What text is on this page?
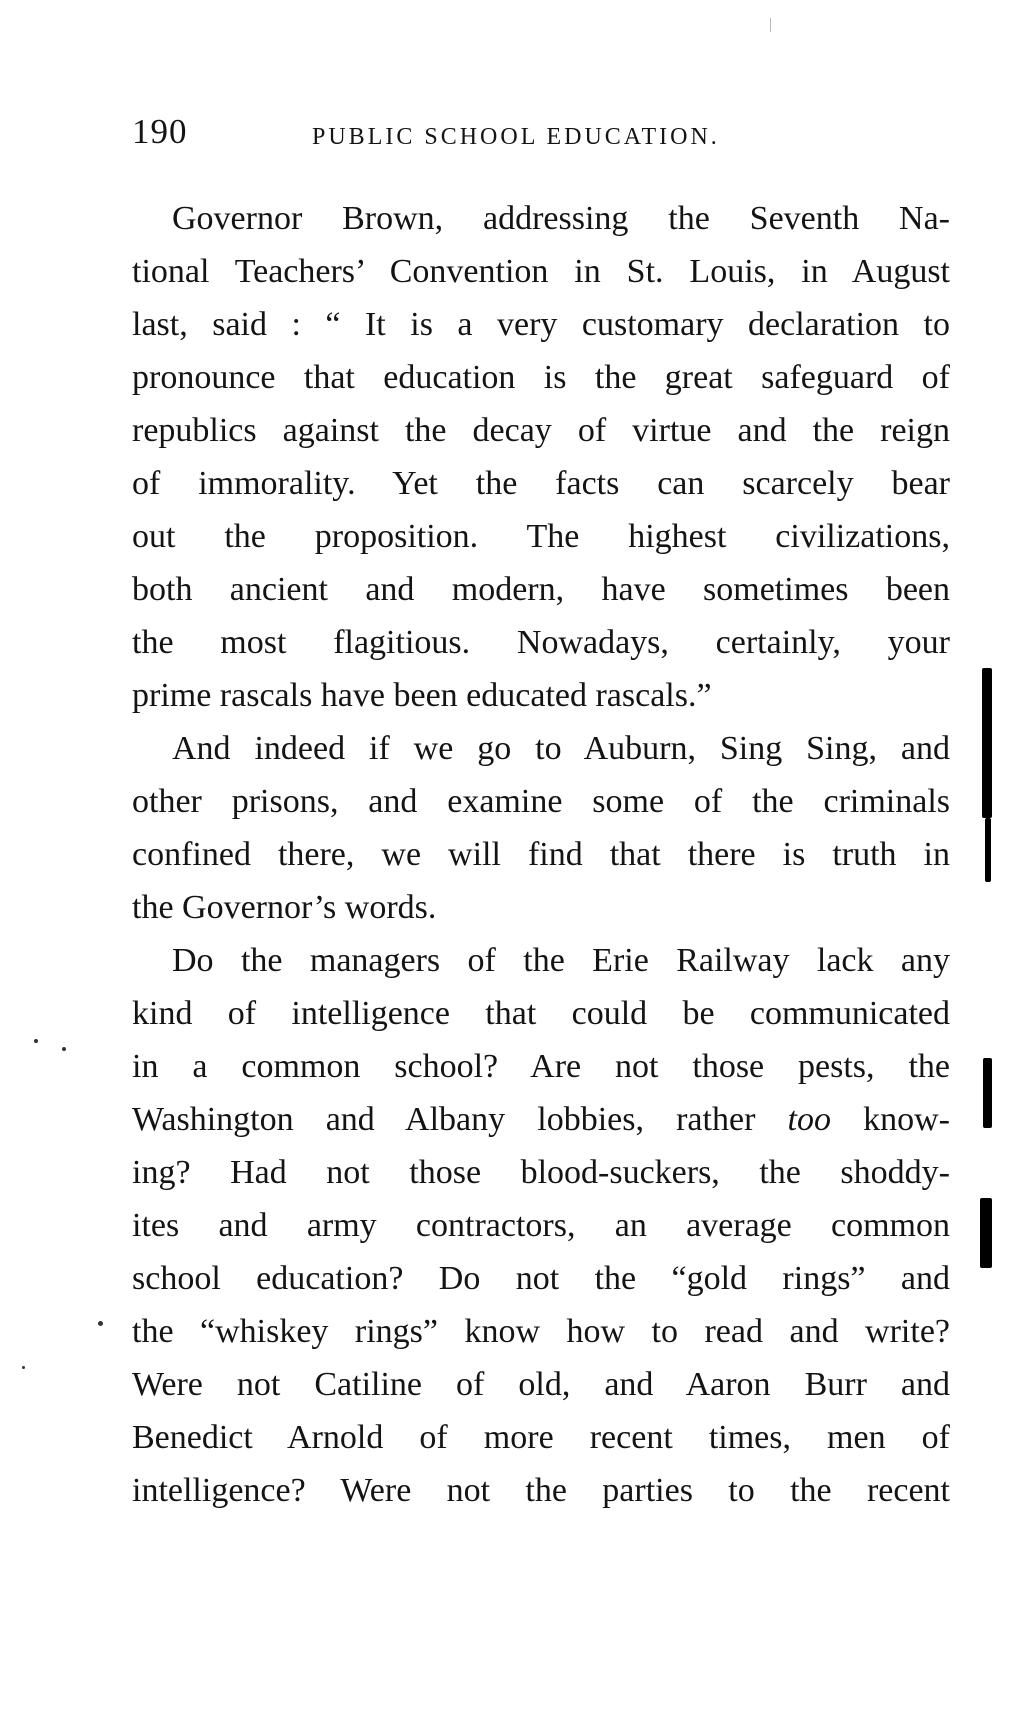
190	PUBLIC SCHOOL EDUCATION.
Governor Brown, addressing the Seventh Na-
tional Teachers’ Convention in St. Louis, in August
last, said : “ It is a very customary declaration to
pronounce that education is the great safeguard of
republics against the decay of virtue and the reign
of immorality. Yet the facts can scarcely bear
out the proposition. The highest civilizations,
both ancient and modern, have sometimes been
the most flagitious. Nowadays, certainly, your
prime rascals have been educated rascals.”
And indeed if we go to Auburn, Sing Sing, and
other prisons, and examine some of the criminals
confined there, we will find that there is truth in
the Governor’s words.
Do the managers of the Erie Railway lack any
kind of intelligence that could be communicated
in a common school? Are not those pests, the
Washington and Albany lobbies, rather too know-
ing? Had not those blood-suckers, the shoddy-
ites and army contractors, an average common
school education? Do not the “gold rings” and
the “whiskey rings” know how to read and write?
Were not Catiline of old, and Aaron Burr and
Benedict Arnold of more recent times, men of
intelligence? Were not the parties to the recent
